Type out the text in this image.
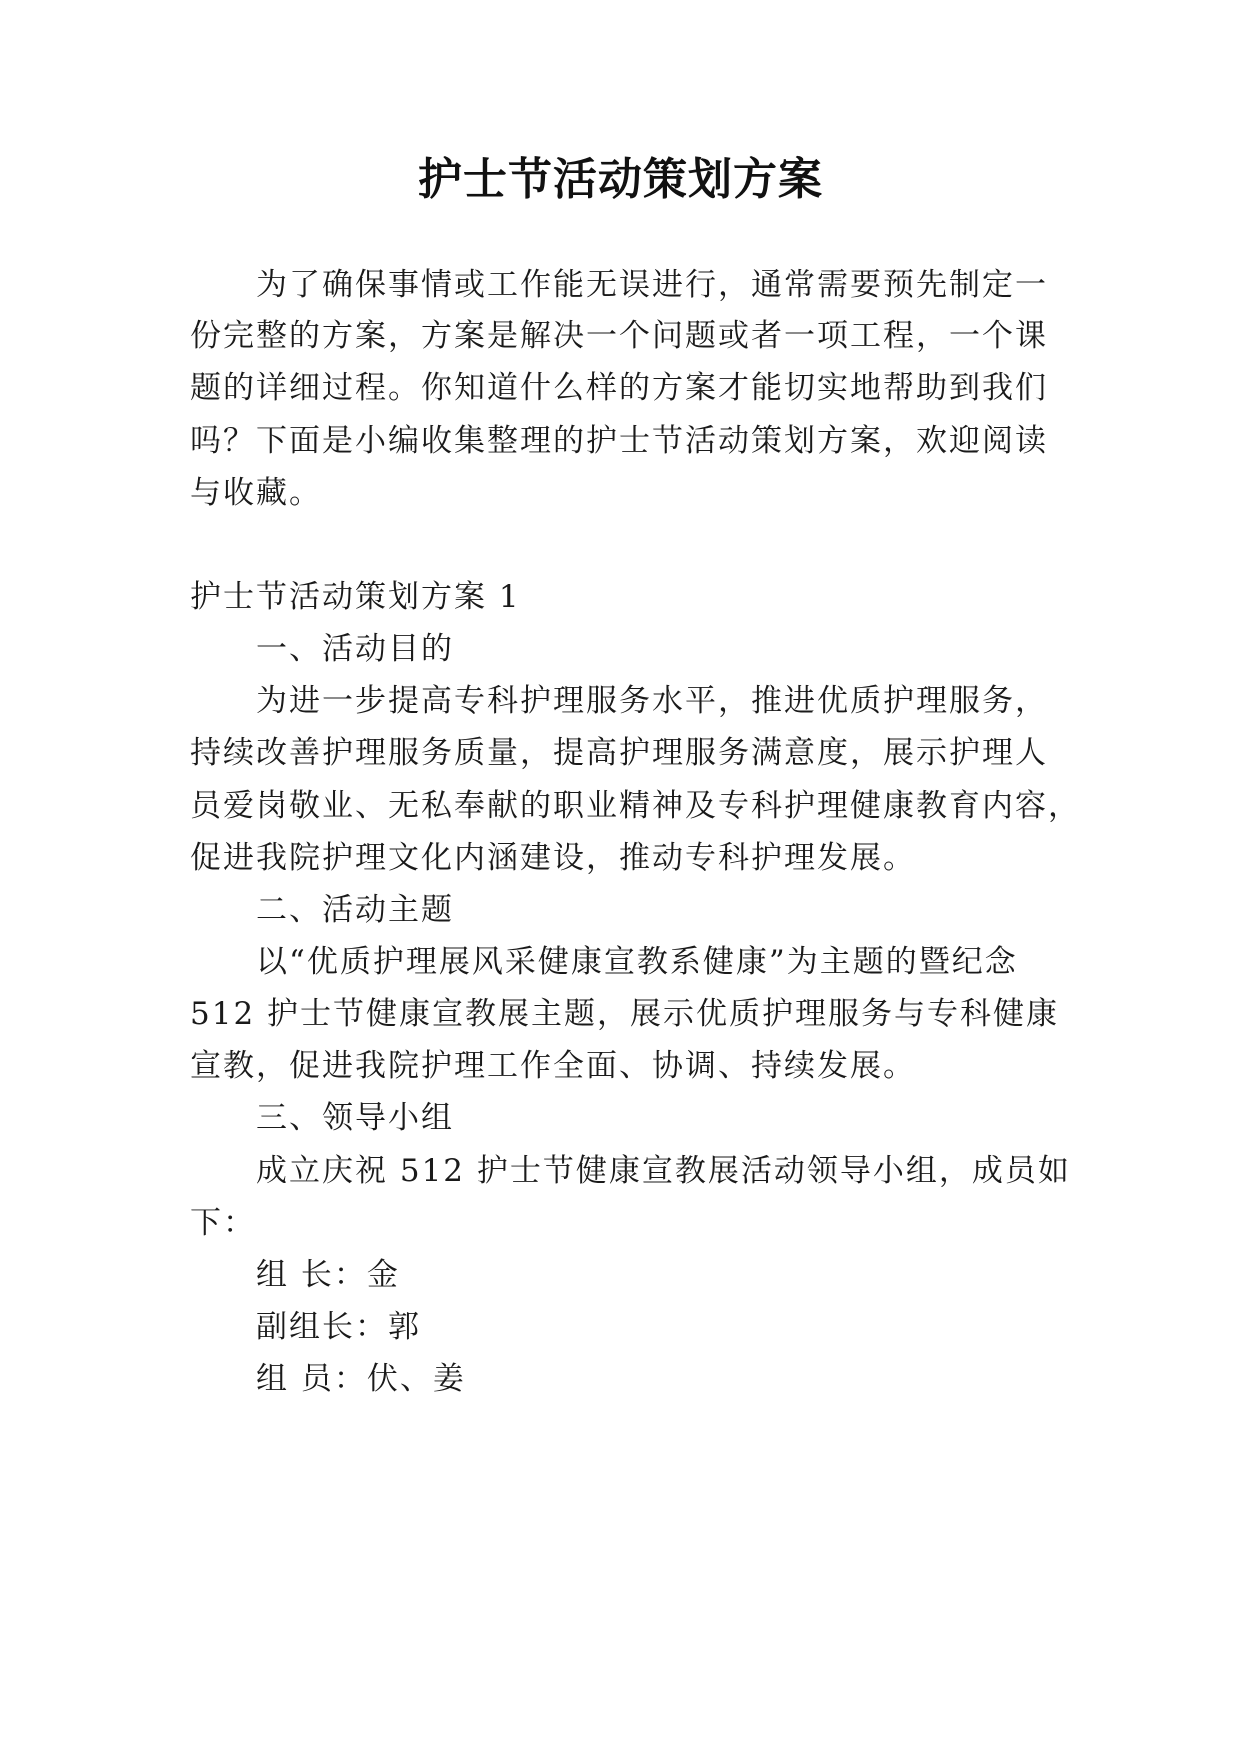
护士节活动策划方案
为了确保事情或工作能无误进行，通常需要预先制定一
份完整的方案，方案是解决一个问题或者一项工程，一个课
题的详细过程。你知道什么样的方案才能切实地帮助到我们
吗？下面是小编收集整理的护士节活动策划方案，欢迎阅读
与收藏。
护士节活动策划方案 1
一、活动目的
为进一步提高专科护理服务水平，推进优质护理服务，
持续改善护理服务质量，提高护理服务满意度，展示护理人
员爱岗敬业、无私奉献的职业精神及专科护理健康教育内容，
促进我院护理文化内涵建设，推动专科护理发展。
二、活动主题
以“优质护理展风采健康宣教系健康”为主题的暨纪念
512 护士节健康宣教展主题，展示优质护理服务与专科健康
宣教，促进我院护理工作全面、协调、持续发展。
三、领导小组
成立庆祝 512 护士节健康宣教展活动领导小组，成员如
下：
组 长：金
副组长：郭
组 员：伏、姜
